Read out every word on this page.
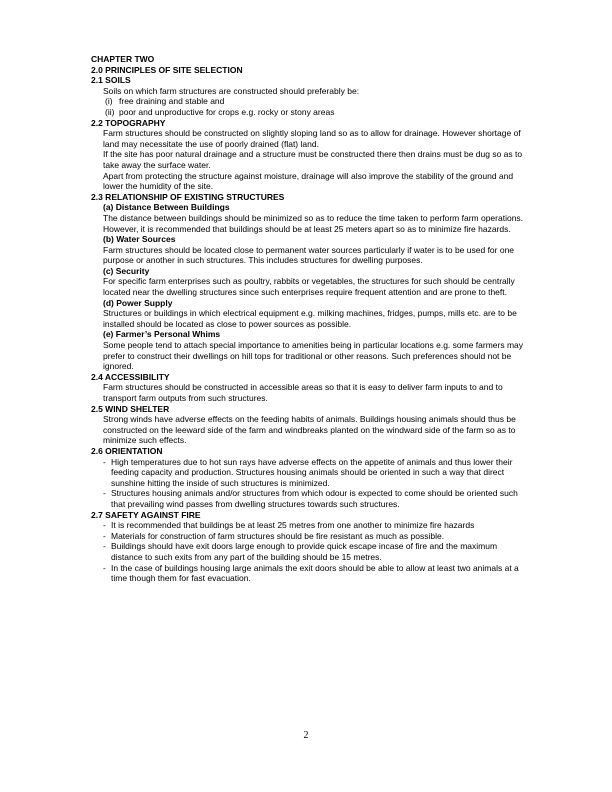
CHAPTER TWO
2.0 PRINCIPLES OF SITE SELECTION
2.1 SOILS
Soils on which farm structures are constructed should preferably be:
(i) free draining and stable and
(ii) poor and unproductive for crops e.g. rocky or stony areas
2.2 TOPOGRAPHY
Farm structures should be constructed on slightly sloping land so as to allow for drainage. However shortage of land may necessitate the use of poorly drained (flat) land.
If the site has poor natural drainage and a structure must be constructed there then drains must be dug so as to take away the surface water.
Apart from protecting the structure against moisture, drainage will also improve the stability of the ground and lower the humidity of the site.
2.3 RELATIONSHIP OF EXISTING STRUCTURES
(a) Distance Between Buildings
The distance between buildings should be minimized so as to reduce the time taken to perform farm operations. However, it is recommended that buildings should be at least 25 meters apart so as to minimize fire hazards.
(b) Water Sources
Farm structures should be located close to permanent water sources particularly if water is to be used for one purpose or another in such structures. This includes structures for dwelling purposes.
(c) Security
For specific farm enterprises such as poultry, rabbits or vegetables, the structures for such should be centrally located near the dwelling structures since such enterprises require frequent attention and are prone to theft.
(d) Power Supply
Structures or buildings in which electrical equipment e.g. milking machines, fridges, pumps, mills etc. are to be installed should be located as close to power sources as possible.
(e) Farmer’s Personal Whims
Some people tend to attach special importance to amenities being in particular locations e.g. some farmers may prefer to construct their dwellings on hill tops for traditional or other reasons. Such preferences should not be ignored.
2.4 ACCESSIBILITY
Farm structures should be constructed in accessible areas so that it is easy to deliver farm inputs to and to transport farm outputs from such structures.
2.5 WIND SHELTER
Strong winds have adverse effects on the feeding habits of animals. Buildings housing animals should thus be constructed on the leeward side of the farm and windbreaks planted on the windward side of the farm so as to minimize such effects.
2.6 ORIENTATION
- High temperatures due to hot sun rays have adverse effects on the appetite of animals and thus lower their feeding capacity and production. Structures housing animals should be oriented in such a way that direct sunshine hitting the inside of such structures is minimized.
- Structures housing animals and/or structures from which odour is expected to come should be oriented such that prevailing wind passes from dwelling structures towards such structures.
2.7 SAFETY AGAINST FIRE
- It is recommended that buildings be at least 25 metres from one another to minimize fire hazards
- Materials for construction of farm structures should be fire resistant as much as possible.
- Buildings should have exit doors large enough to provide quick escape incase of fire and the maximum distance to such exits from any part of the building should be 15 metres.
- In the case of buildings housing large animals the exit doors should be able to allow at least two animals at a time though them for fast evacuation.
2
